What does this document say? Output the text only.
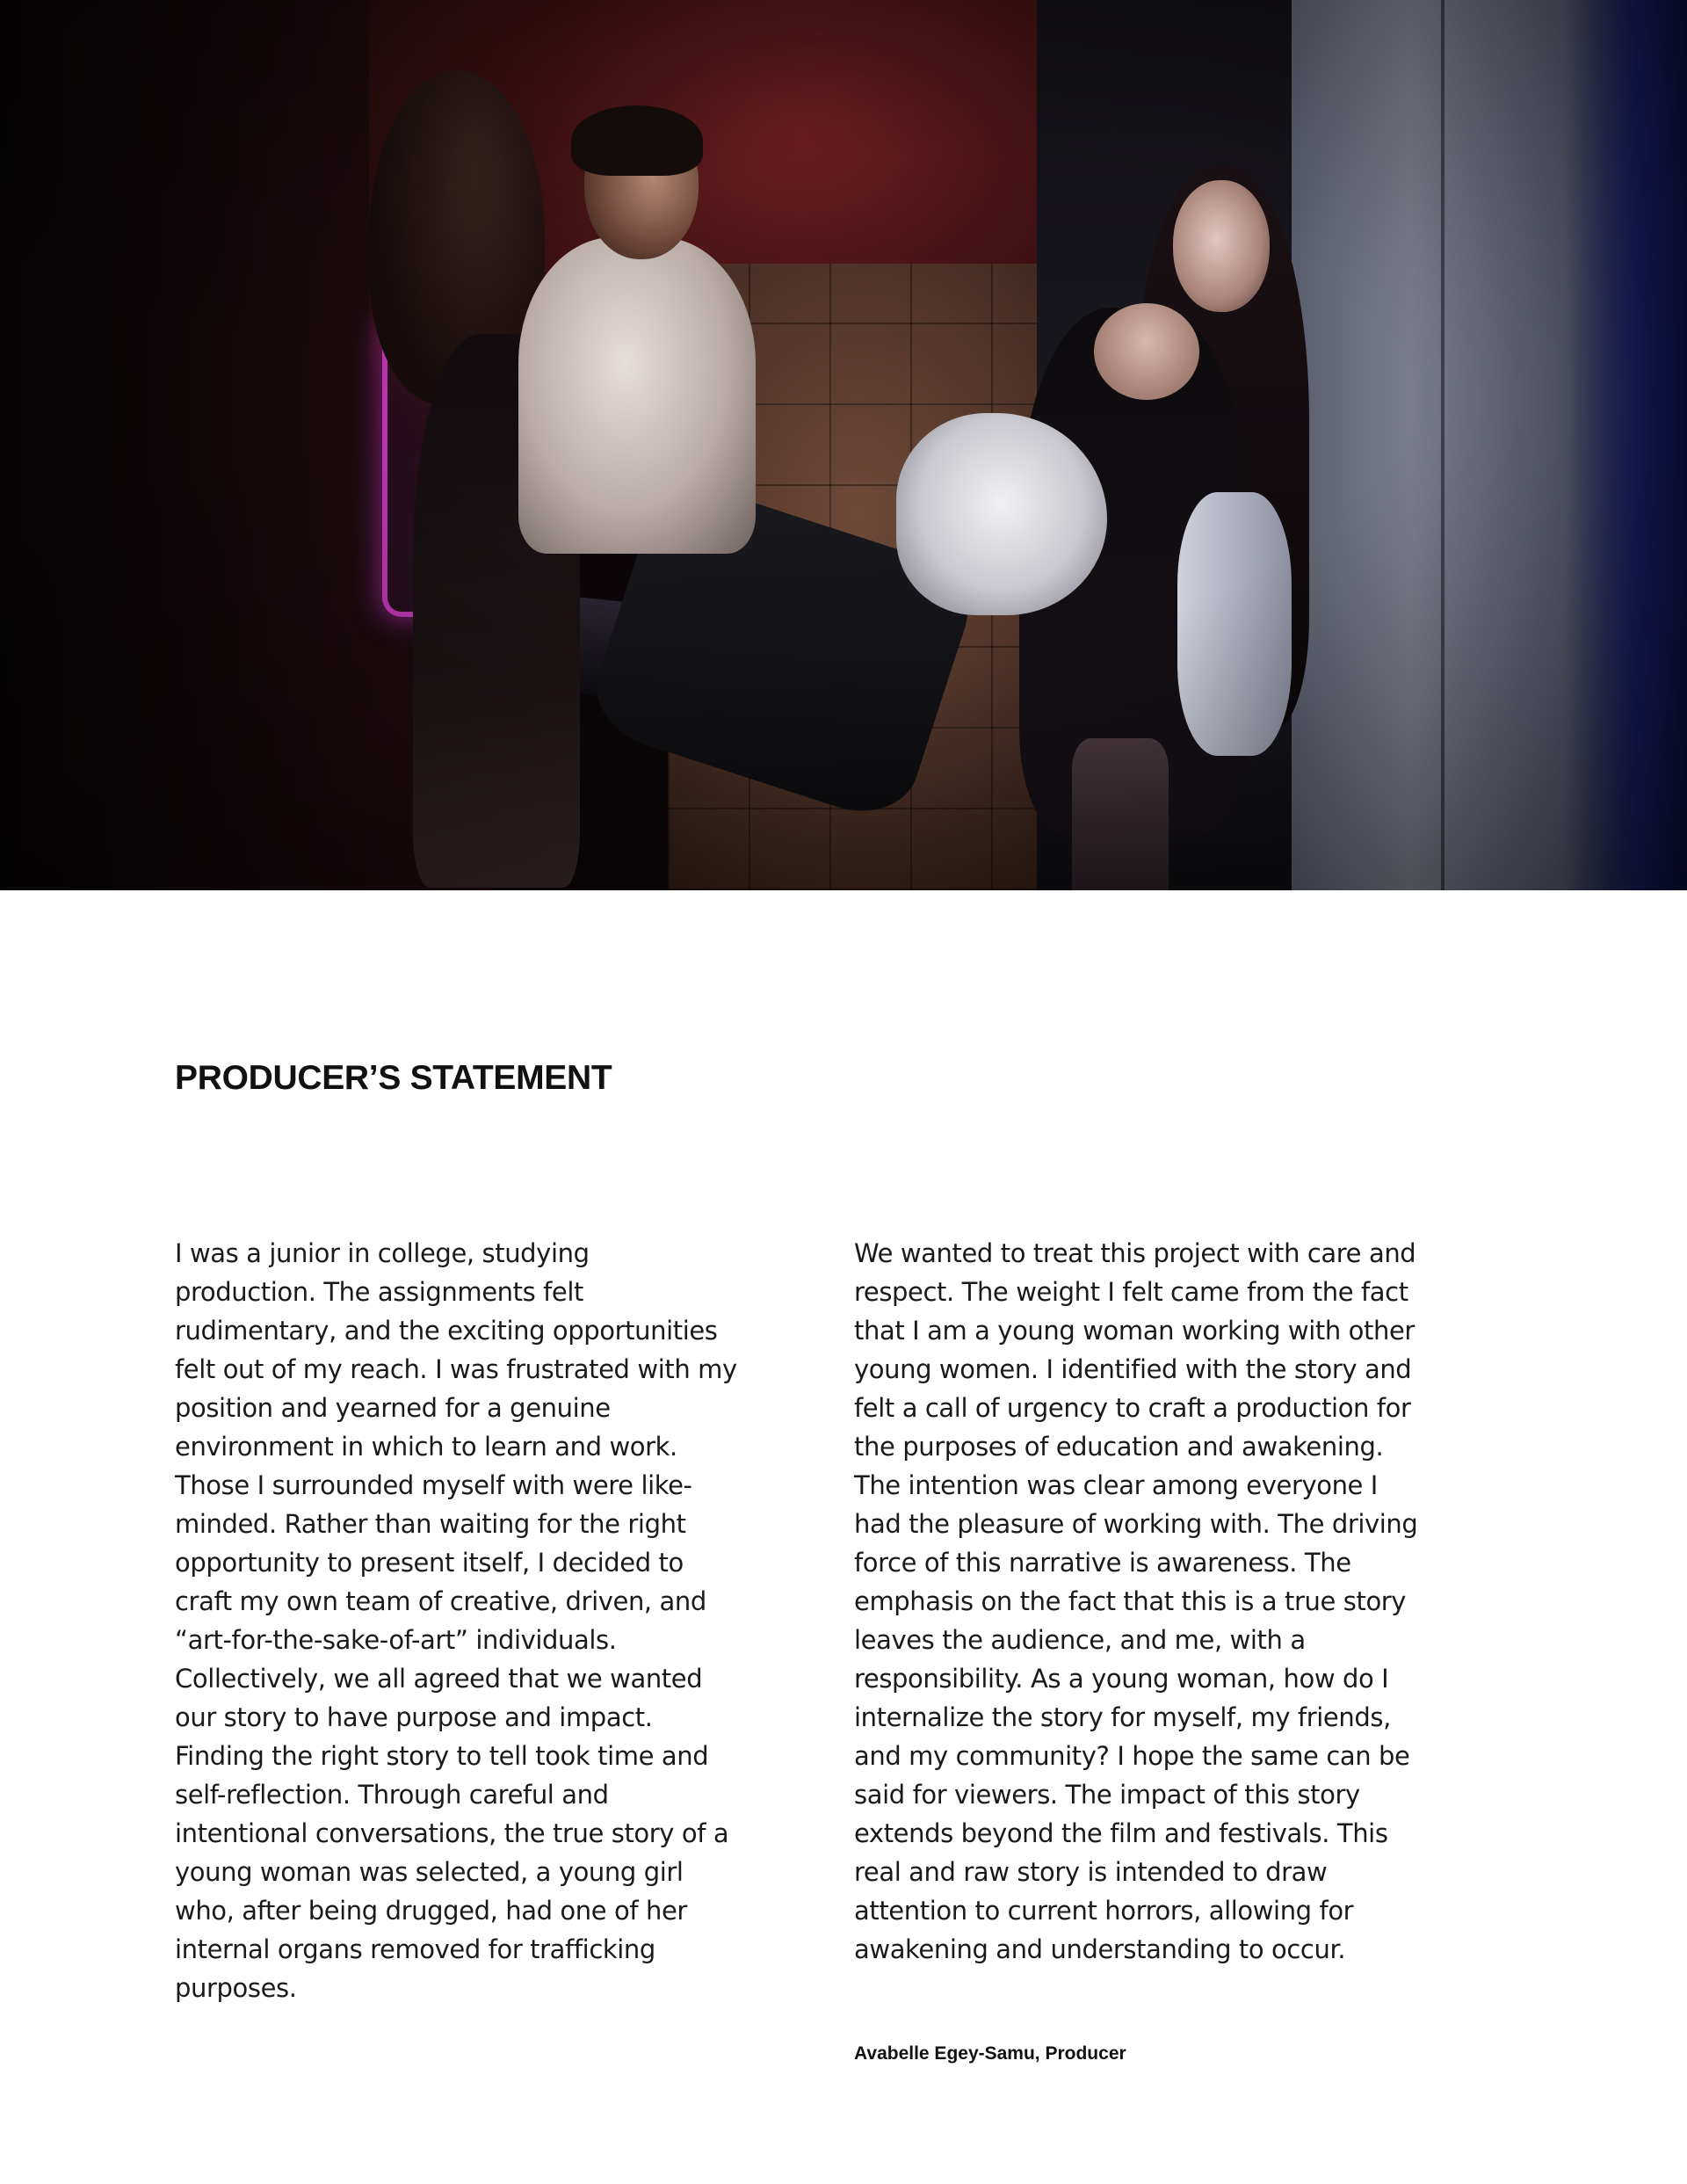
PRODUCER’S STATEMENT

I was a junior in college, studying production. The assignments felt rudimentary, and the exciting opportunities felt out of my reach. I was frustrated with my position and yearned for a genuine environment in which to learn and work. Those I surrounded myself with were like-minded. Rather than waiting for the right opportunity to present itself, I decided to craft my own team of creative, driven, and “art-for-the-sake-of-art” individuals. Collectively, we all agreed that we wanted our story to have purpose and impact. Finding the right story to tell took time and self-reflection. Through careful and intentional conversations, the true story of a young woman was selected, a young girl who, after being drugged, had one of her internal organs removed for trafficking purposes.

We wanted to treat this project with care and respect. The weight I felt came from the fact that I am a young woman working with other young women. I identified with the story and felt a call of urgency to craft a production for the purposes of education and awakening. The intention was clear among everyone I had the pleasure of working with. The driving force of this narrative is awareness. The emphasis on the fact that this is a true story leaves the audience, and me, with a responsibility. As a young woman, how do I internalize the story for myself, my friends, and my community? I hope the same can be said for viewers. The impact of this story extends beyond the film and festivals. This real and raw story is intended to draw attention to current horrors, allowing for awakening and understanding to occur.

Avabelle Egey-Samu, Producer
